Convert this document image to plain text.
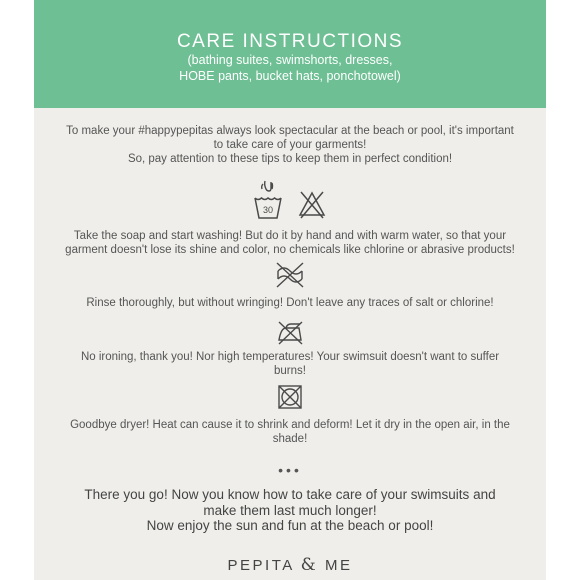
CARE INSTRUCTIONS
(bathing suites, swimshorts, dresses,
HOBE pants, bucket hats, ponchotowel)
To make your #happypepitas always look spectacular at the beach or pool, it's important
to take care of your garments!
So, pay attention to these tips to keep them in perfect condition!
30
Take the soap and start washing! But do it by hand and with warm water, so that your
garment doesn't lose its shine and color, no chemicals like chlorine or abrasive products!
Rinse thoroughly, but without wringing! Don't leave any traces of salt or chlorine!
No ironing, thank you! Nor high temperatures! Your swimsuit doesn't want to suffer
burns!
Goodbye dryer! Heat can cause it to shrink and deform! Let it dry in the open air, in the
shade!
•••
There you go! Now you know how to take care of your swimsuits and
make them last much longer!
Now enjoy the sun and fun at the beach or pool!
PEPITA & ME
